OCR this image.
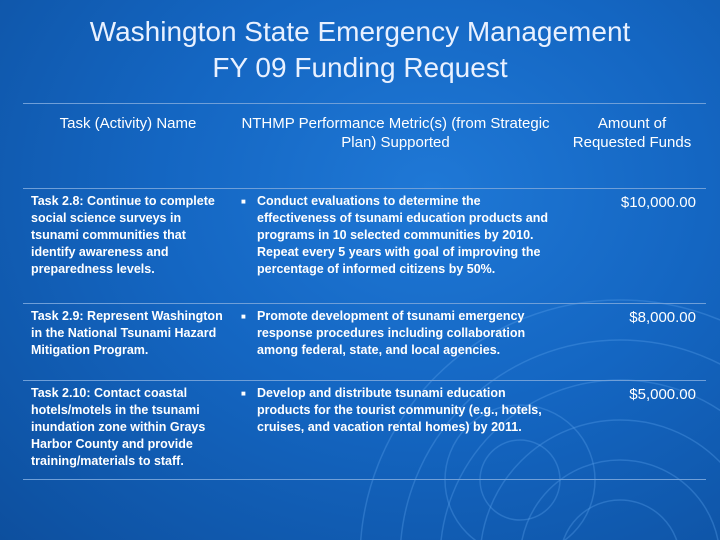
Washington State Emergency Management
FY 09 Funding Request
Task (Activity) Name	NTHMP Performance Metric(s) (from Strategic Plan) Supported
Amount of Requested Funds
Task 2.8: Continue to complete social science surveys in tsunami communities that identify awareness and preparedness levels.
■ Conduct evaluations to determine the effectiveness of tsunami education products and programs in 10 selected communities by 2010. Repeat every 5 years with goal of improving the percentage of informed citizens by 50%.
$10,000.00
Task 2.9: Represent Washington in the National Tsunami Hazard Mitigation Program.
■ Promote development of tsunami emergency response procedures including collaboration among federal, state, and local agencies.
$8,000.00
Task 2.10: Contact coastal hotels/motels in the tsunami inundation zone within Grays Harbor County and provide training/materials to staff.
■ Develop and distribute tsunami education products for the tourist community (e.g., hotels, cruises, and vacation rental homes) by 2011.
$5,000.00
